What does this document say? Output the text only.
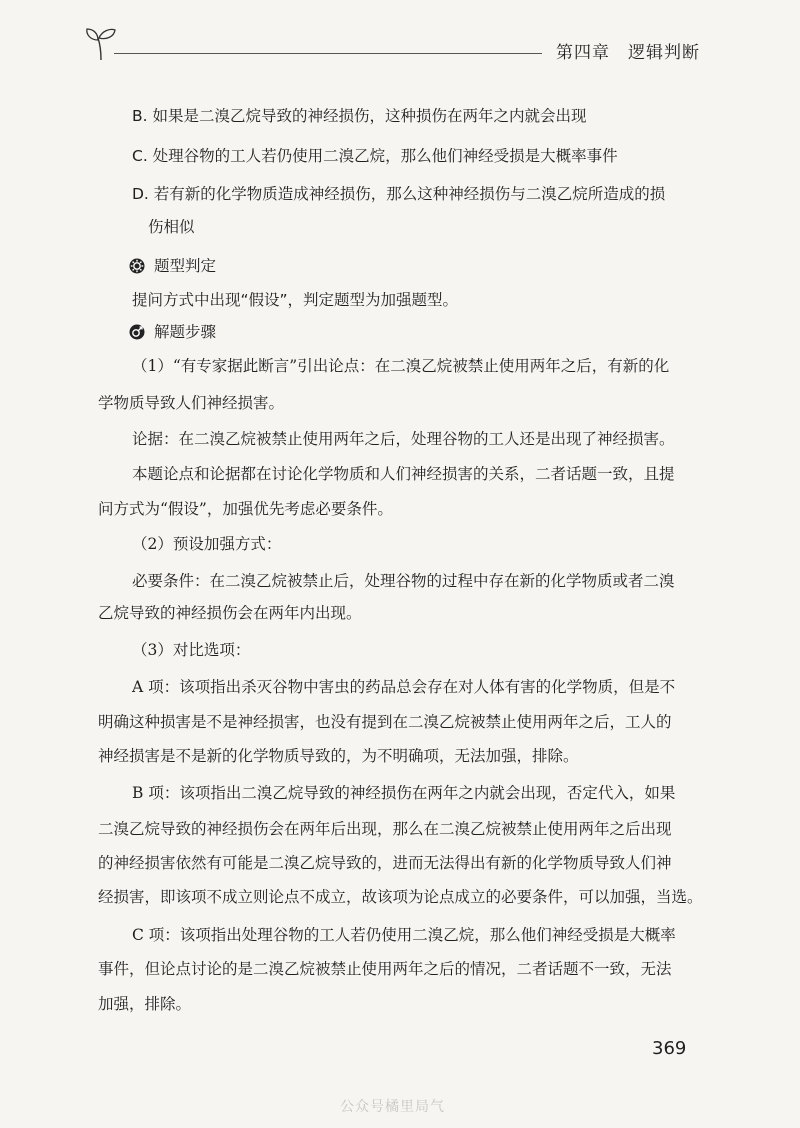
第四章 逻辑判断
B. 如果是二溴乙烷导致的神经损伤，这种损伤在两年之内就会出现
C. 处理谷物的工人若仍使用二溴乙烷，那么他们神经受损是大概率事件
D. 若有新的化学物质造成神经损伤，那么这种神经损伤与二溴乙烷所造成的损
伤相似
题型判定
提问方式中出现“假设”，判定题型为加强题型。
解题步骤
（1）“有专家据此断言”引出论点：在二溴乙烷被禁止使用两年之后，有新的化
学物质导致人们神经损害。
论据：在二溴乙烷被禁止使用两年之后，处理谷物的工人还是出现了神经损害。
本题论点和论据都在讨论化学物质和人们神经损害的关系，二者话题一致，且提
问方式为“假设”，加强优先考虑必要条件。
（2）预设加强方式：
必要条件：在二溴乙烷被禁止后，处理谷物的过程中存在新的化学物质或者二溴
乙烷导致的神经损伤会在两年内出现。
（3）对比选项：
A 项：该项指出杀灭谷物中害虫的药品总会存在对人体有害的化学物质，但是不
明确这种损害是不是神经损害，也没有提到在二溴乙烷被禁止使用两年之后，工人的
神经损害是不是新的化学物质导致的，为不明确项，无法加强，排除。
B 项：该项指出二溴乙烷导致的神经损伤在两年之内就会出现，否定代入，如果
二溴乙烷导致的神经损伤会在两年后出现，那么在二溴乙烷被禁止使用两年之后出现
的神经损害依然有可能是二溴乙烷导致的，进而无法得出有新的化学物质导致人们神
经损害，即该项不成立则论点不成立，故该项为论点成立的必要条件，可以加强，当选。
C 项：该项指出处理谷物的工人若仍使用二溴乙烷，那么他们神经受损是大概率
事件，但论点讨论的是二溴乙烷被禁止使用两年之后的情况，二者话题不一致，无法
加强，排除。
369
公众号橘里局气
